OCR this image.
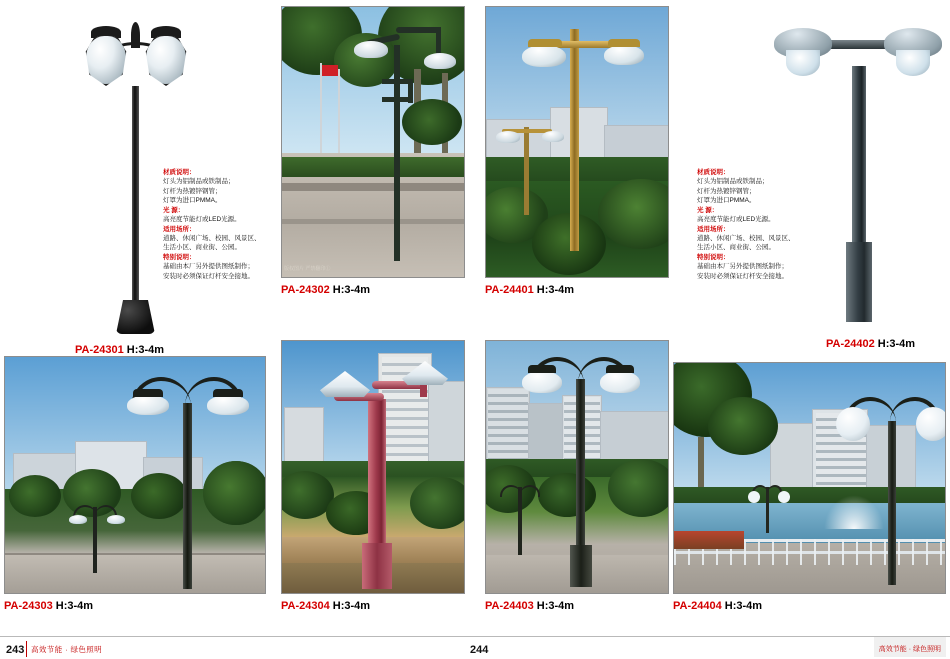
PA-24301 H:3-4m
材质说明：
灯头为铝制品或铁制品；
灯杆为热镀锌钢管；
灯罩为进口PMMA。
光 源：
高亮度节能灯或LED光源。
适用场所：
道路、休闲广场、校园、风景区、
生活小区、商业街、公园。
特别说明：
基础由本厂另外提供图纸制作；
安装时必须保证灯杆安全接地。
版权图片 严禁翻印①
PA-24302 H:3-4m	PA-24401 H:3-4m
PA-24402 H:3-4m
材质说明：
灯头为铝制品或铁制品；
灯杆为热镀锌钢管；
灯罩为进口PMMA。
光 源：
高亮度节能灯或LED光源。
适用场所：
道路、休闲广场、校园、风景区、
生活小区、商业街、公园。
特别说明：
基础由本厂另外提供图纸制作；
安装时必须保证灯杆安全接地。
PA-24303 H:3-4m	PA-24304 H:3-4m	PA-24403 H:3-4m	PA-24404 H:3-4m
243 高效节能 · 绿色照明	244	高效节能 · 绿色照明
